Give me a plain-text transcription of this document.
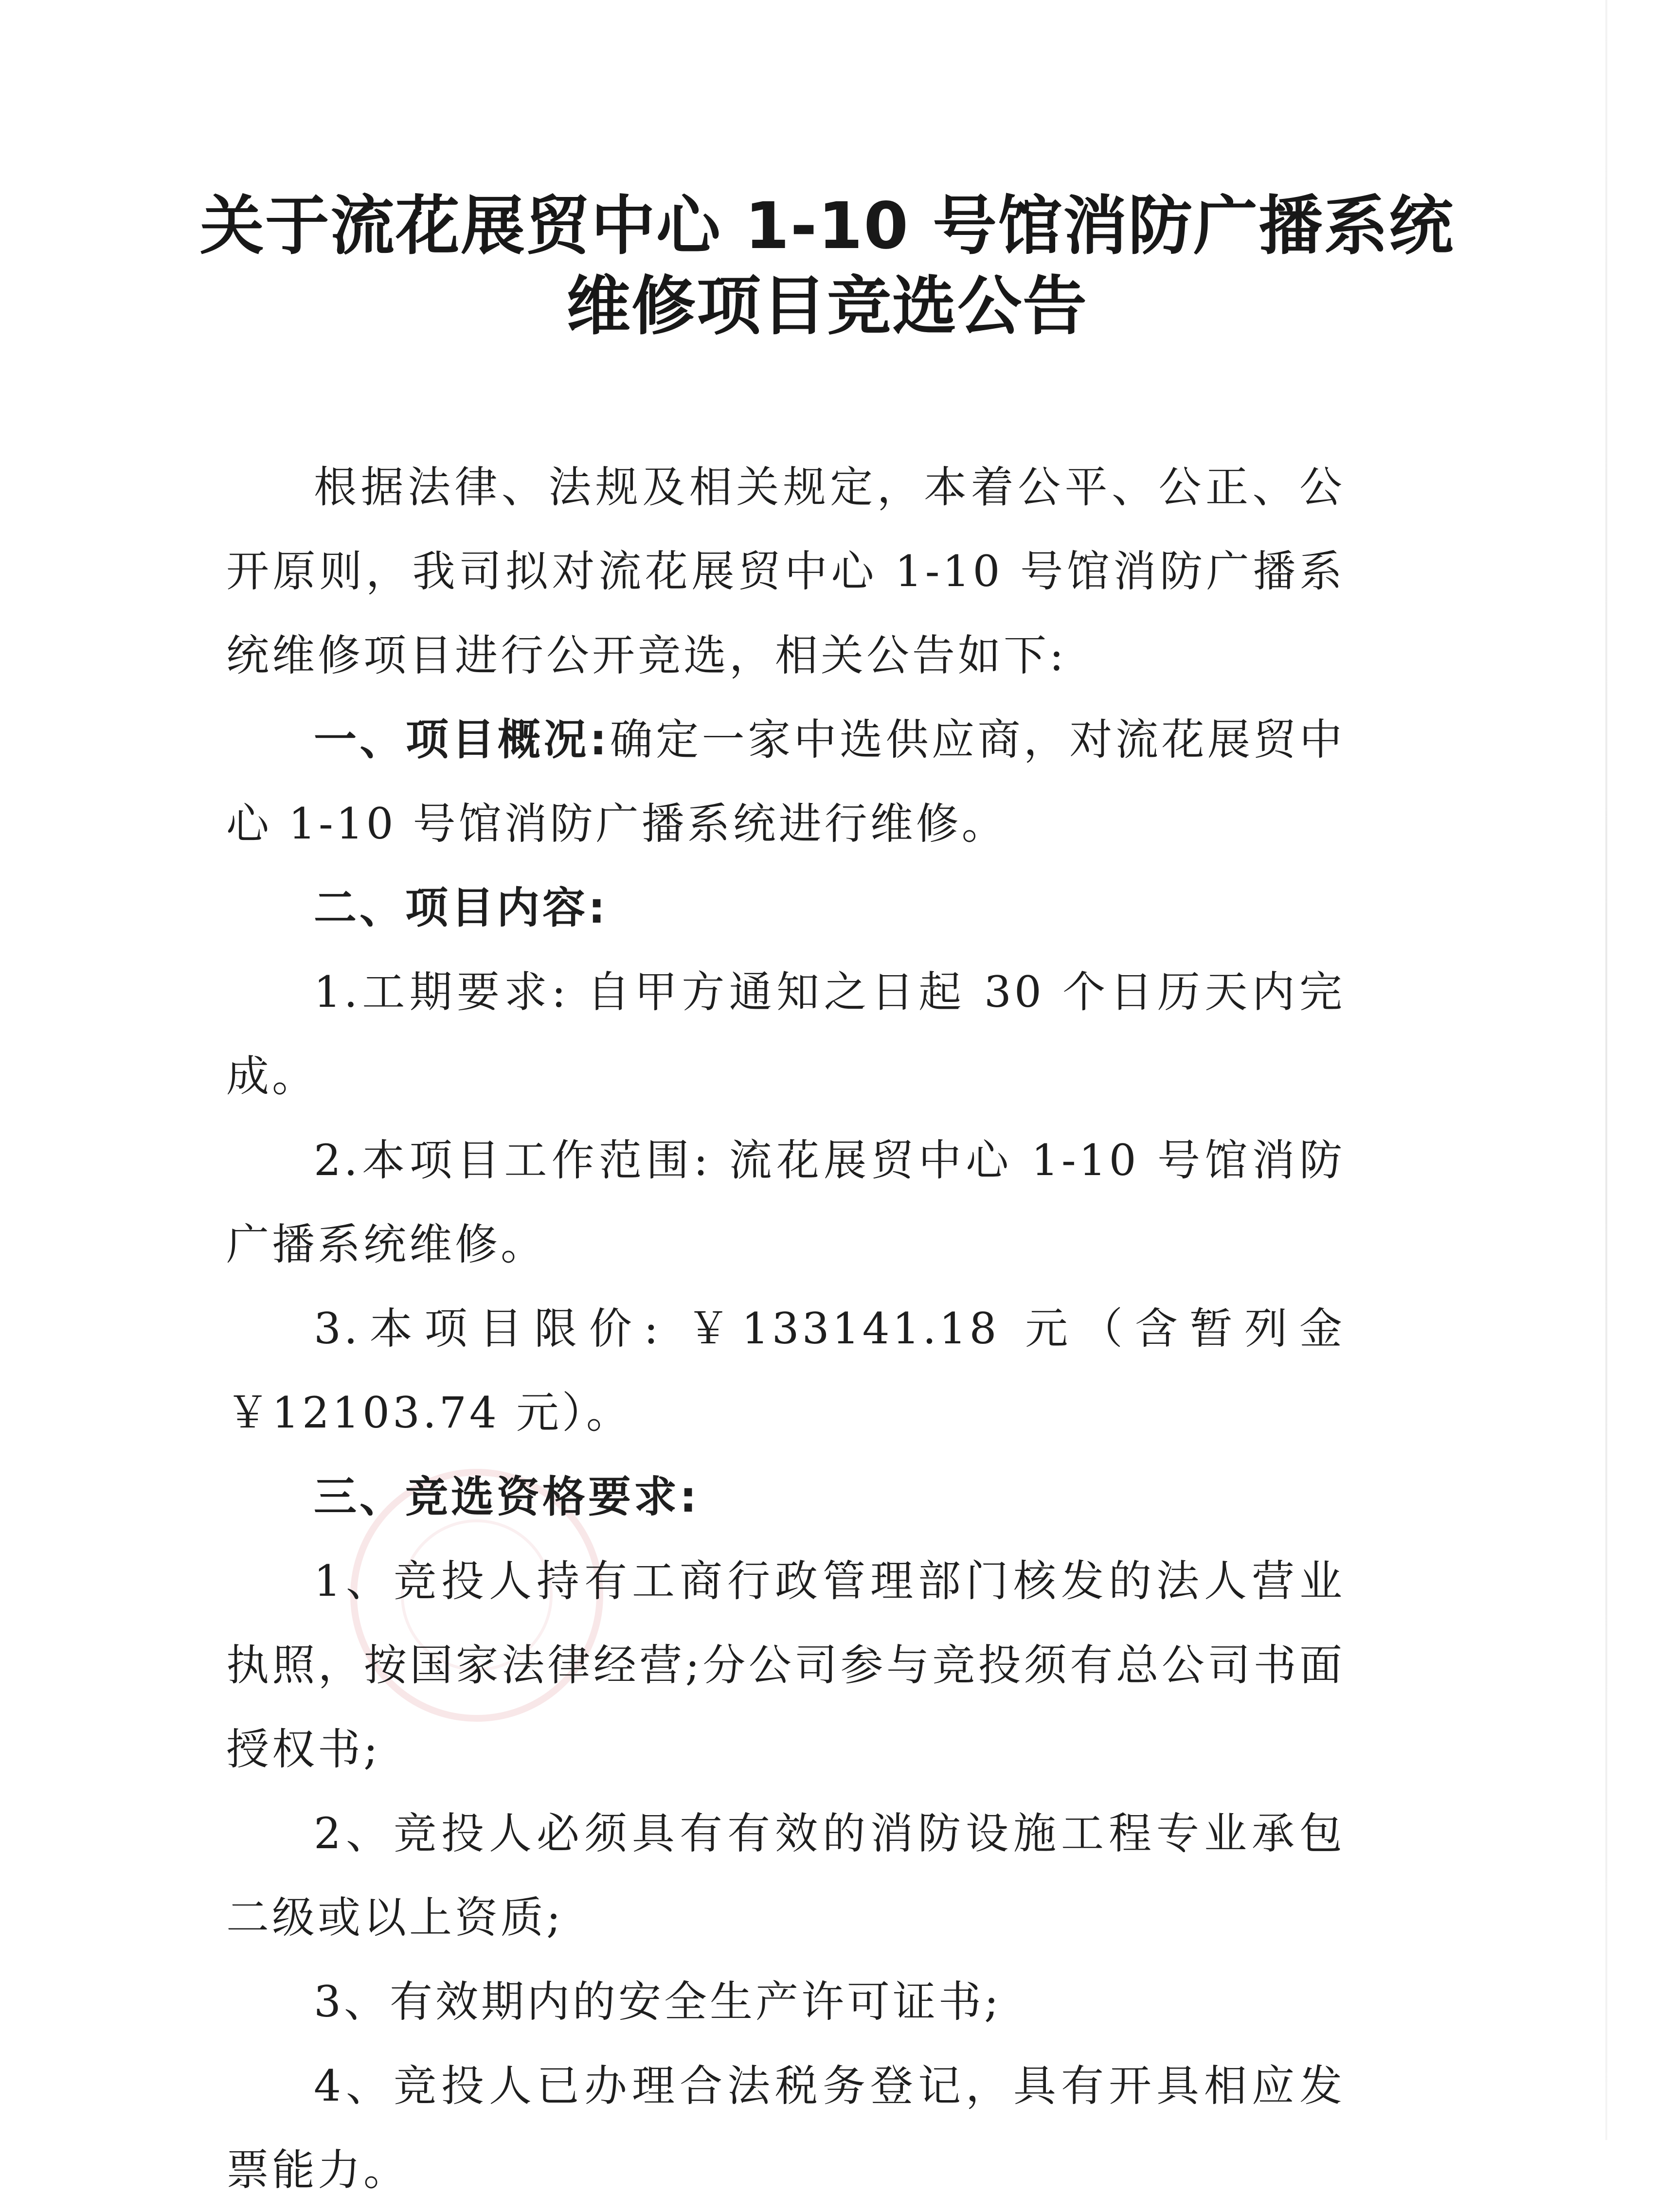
关于流花展贸中心 1-10 号馆消防广播系统
维修项目竞选公告

根据法律、法规及相关规定，本着公平、公正、公开原则，我司拟对流花展贸中心 1-10 号馆消防广播系统维修项目进行公开竞选，相关公告如下:

一、项目概况:确定一家中选供应商，对流花展贸中心 1-10 号馆消防广播系统进行维修。

二、项目内容:

1.工期要求: 自甲方通知之日起 30 个日历天内完成。

2.本项目工作范围: 流花展贸中心 1-10 号馆消防广播系统维修。

3.本项目限价: ￥133141.18 元（含暂列金￥12103.74 元）。

三、竞选资格要求:

1、竞投人持有工商行政管理部门核发的法人营业执照，按国家法律经营;分公司参与竞投须有总公司书面授权书;

2、竞投人必须具有有效的消防设施工程专业承包二级或以上资质;

3、有效期内的安全生产许可证书;

4、竞投人已办理合法税务登记，具有开具相应发票能力。
